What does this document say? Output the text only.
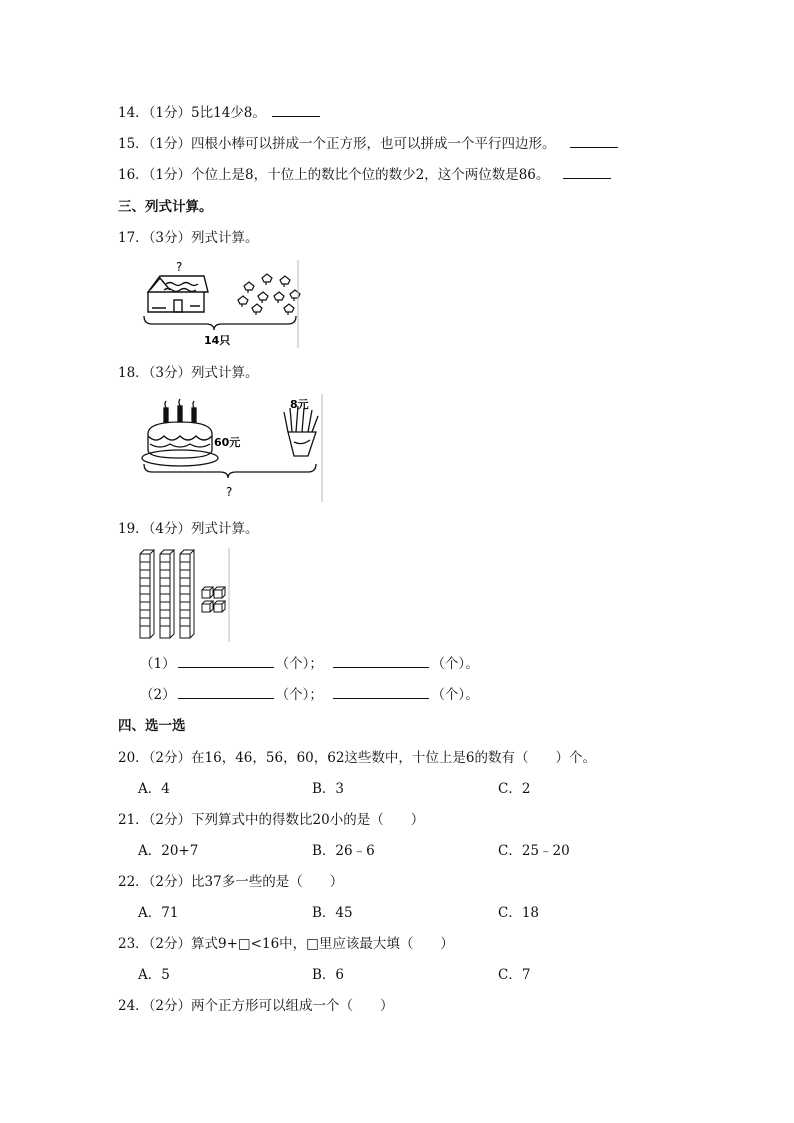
14．（1分）5比14少8。
15．（1分）四根小棒可以拼成一个正方形，也可以拼成一个平行四边形。
16．（1分）个位上是8，十位上的数比个位的数少2，这个两位数是86。
三、列式计算。
17．（3分）列式计算。
?
14只
18．（3分）列式计算。
60元
8元
?
19．（4分）列式计算。
（1）	（个）；	（个）。
（2）	（个）；	（个）。
四、选一选
20．（2分）在16，46，56，60，62这些数中，十位上是6的数有（　　）个。
A．4	B．3	C．2
21．（2分）下列算式中的得数比20小的是（　　）
A．20+7	B．26﹣6	C．25﹣20
22．（2分）比37多一些的是（　　）
A．71	B．45	C．18
23．（2分）算式9+□<16中，□里应该最大填（　　）
A．5	B．6	C．7
24．（2分）两个正方形可以组成一个（　　）
